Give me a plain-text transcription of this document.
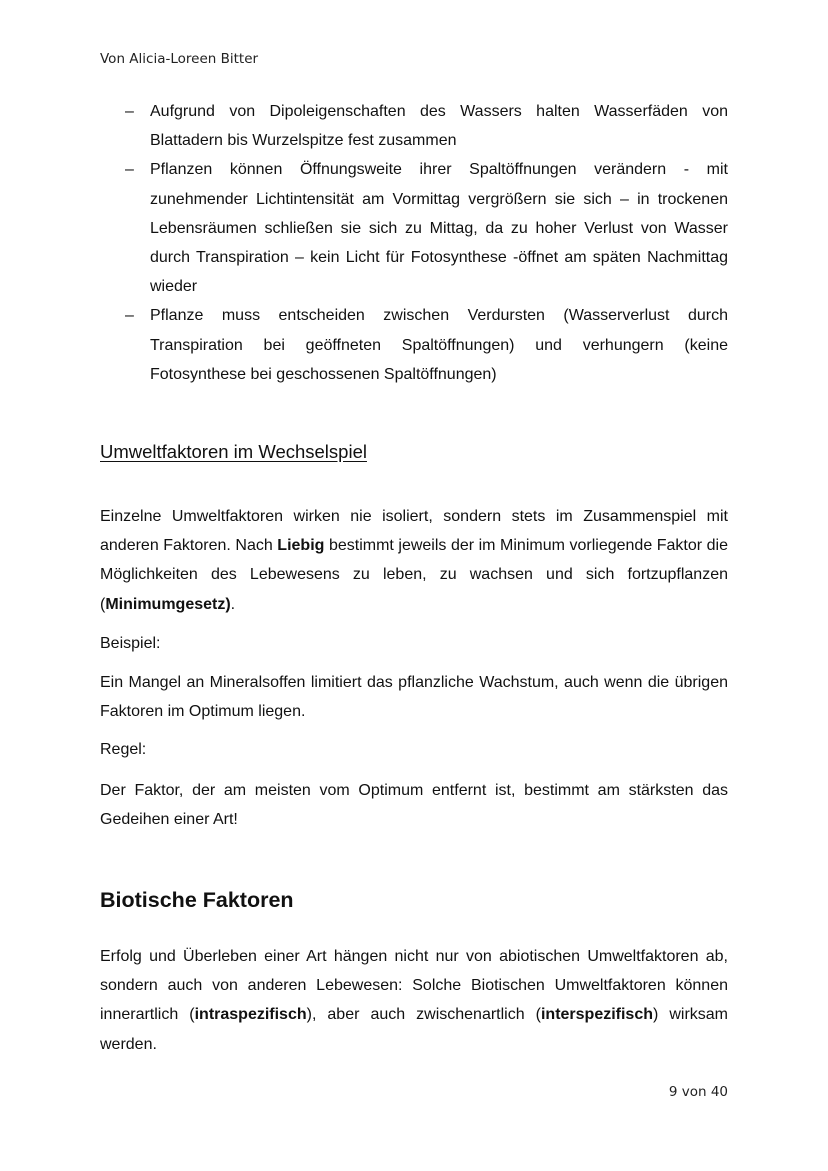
Von Alicia-Loreen Bitter
– Aufgrund von Dipoleigenschaften des Wassers halten Wasserfäden von Blattadern bis Wurzelspitze fest zusammen
– Pflanzen können Öffnungsweite ihrer Spaltöffnungen verändern - mit zunehmender Lichtintensität am Vormittag vergrößern sie sich – in trockenen Lebensräumen schließen sie sich zu Mittag, da zu hoher Verlust von Wasser durch Transpiration – kein Licht für Fotosynthese -öffnet am späten Nachmittag wieder
– Pflanze muss entscheiden zwischen Verdursten (Wasserverlust durch Transpiration bei geöffneten Spaltöffnungen) und verhungern (keine Fotosynthese bei geschossenen Spaltöffnungen)
Umweltfaktoren im Wechselspiel

Einzelne Umweltfaktoren wirken nie isoliert, sondern stets im Zusammenspiel mit anderen Faktoren. Nach Liebig bestimmt jeweils der im Minimum vorliegende Faktor die Möglichkeiten des Lebewesens zu leben, zu wachsen und sich fortzupflanzen (Minimumgesetz).

Beispiel:

Ein Mangel an Mineralsoffen limitiert das pflanzliche Wachstum, auch wenn die übrigen Faktoren im Optimum liegen.

Regel:

Der Faktor, der am meisten vom Optimum entfernt ist, bestimmt am stärksten das Gedeihen einer Art!

Biotische Faktoren

Erfolg und Überleben einer Art hängen nicht nur von abiotischen Umweltfaktoren ab, sondern auch von anderen Lebewesen: Solche Biotischen Umweltfaktoren können innerartlich (intraspezifisch), aber auch zwischenartlich (interspezifisch) wirksam werden.

9 von 40
